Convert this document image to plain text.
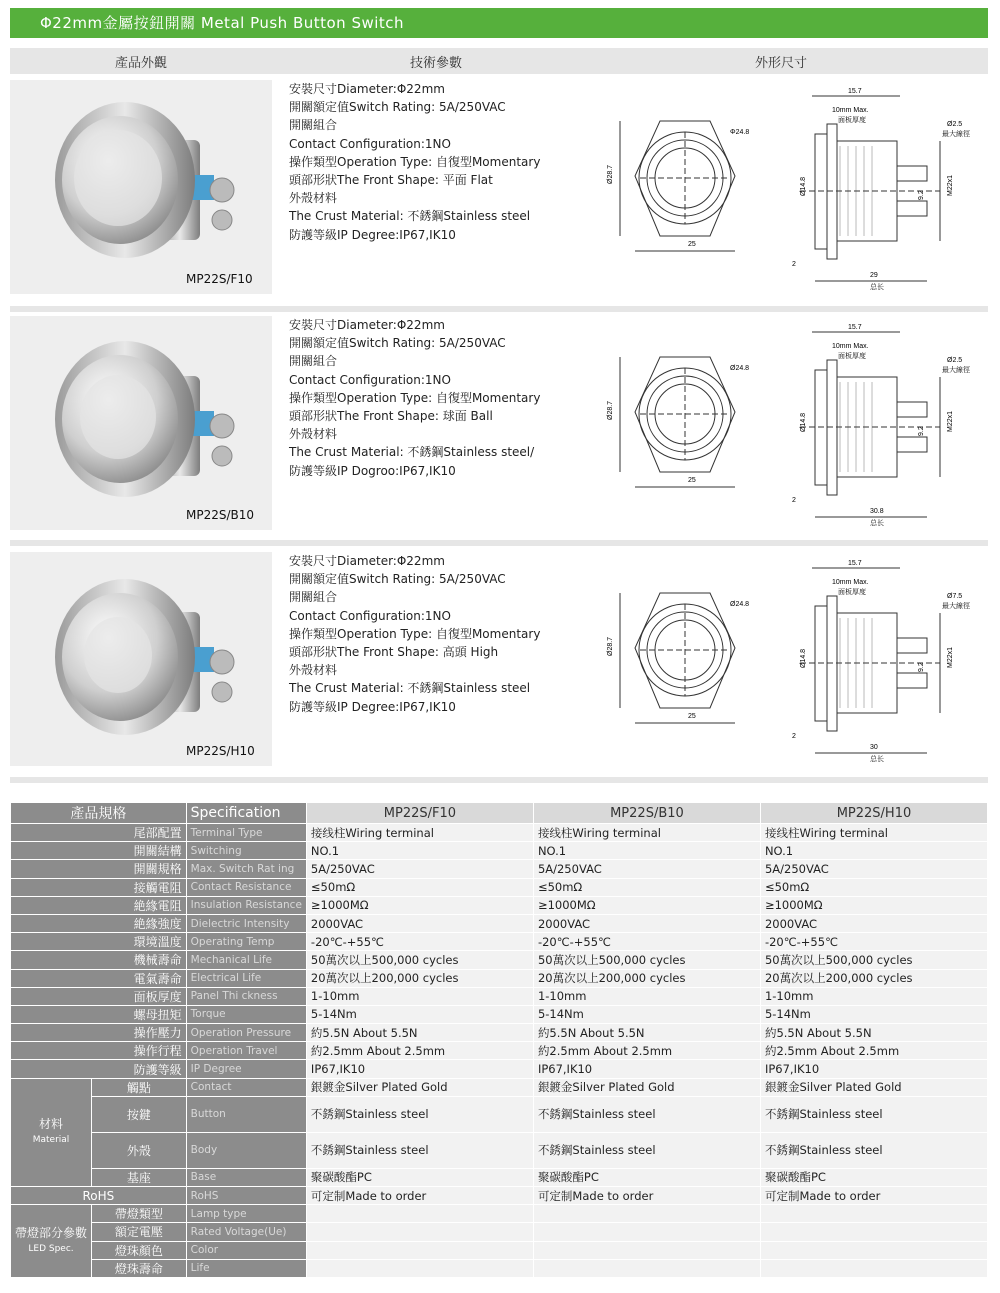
Φ22mm金屬按鈕開關 Metal Push Button Switch
產品外觀	技術參數	外形尺寸
MP22S/F10
安裝尺寸Diameter:Φ22mm
開關額定值Switch Rating: 5A/250VAC
開關組合
Contact Configuration:1NO
操作類型Operation Type: 自復型Momentary
頭部形狀The Front Shape: 平面 Flat
外殼材料
The Crust Material: 不銹鋼Stainless steel
防護等級IP Degree:IP67,IK10
25
Ø28.7
Φ24.8
15.7
10mm Max.
面板厚度
M22x1
9.2
Ø14.8
Ø2.5
最大線徑
29
总长
2
MP22S/B10
安裝尺寸Diameter:Φ22mm
開關額定值Switch Rating: 5A/250VAC
開關組合
Contact Configuration:1NO
操作類型Operation Type: 自復型Momentary
頭部形狀The Front Shape: 球面 Ball
外殼材料
The Crust Material: 不銹鋼Stainless steel/
防護等級IP Dogroo:IP67,IK10
25
Ø28.7
Ø24.8
15.7
10mm Max.
面板厚度
M22x1
9.2
Ø14.8
Ø2.5
最大線徑
30.8
总长
2
MP22S/H10
安裝尺寸Diameter:Φ22mm
開關額定值Switch Rating: 5A/250VAC
開關組合
Contact Configuration:1NO
操作類型Operation Type: 自復型Momentary
頭部形狀The Front Shape: 高頭 High
外殼材料
The Crust Material: 不銹鋼Stainless steel
防護等級IP Degree:IP67,IK10
25
Ø28.7
Ø24.8
15.7
10mm Max.
面板厚度
M22x1
9.2
Ø14.8
Ø7.5
最大線徑
30
总长
2
產品規格		Specification	MP22S/F10	MP22S/B10	MP22S/H10
尾部配置		Terminal Type	接线柱Wiring terminal	接线柱Wiring terminal	接线柱Wiring terminal
開關結構		Switching	NO.1	NO.1	NO.1
開關規格		Max. Switch Rat ing	5A/250VAC	5A/250VAC	5A/250VAC
接觸電阻		Contact Resistance	≤50mΩ	≤50mΩ	≤50mΩ
絶緣電阻		Insulation Resistance	≥1000MΩ	≥1000MΩ	≥1000MΩ
絶緣強度		Dielectric Intensity	2000VAC	2000VAC	2000VAC
環境溫度		Operating Temp	-20℃-+55℃	-20℃-+55℃	-20℃-+55℃
機械壽命		Mechanical Life	50萬次以上500,000 cycles	50萬次以上500,000 cycles	50萬次以上500,000 cycles
電氣壽命		Electrical Life	20萬次以上200,000 cycles	20萬次以上200,000 cycles	20萬次以上200,000 cycles
面板厚度		Panel Thi ckness	1-10mm	1-10mm	1-10mm
螺母扭矩		Torque	5-14Nm	5-14Nm	5-14Nm
操作壓力		Operation Pressure	約5.5N About 5.5N	約5.5N About 5.5N	約5.5N About 5.5N
操作行程		Operation Travel	約2.5mm About 2.5mm	約2.5mm About 2.5mm	約2.5mm About 2.5mm
防護等級		IP Degree	IP67,IK10	IP67,IK10	IP67,IK10
材料
Material	觸點	Contact	銀鍍金Silver Plated Gold	銀鍍金Silver Plated Gold	銀鍍金Silver Plated Gold
	按鍵	Button	不銹鋼Stainless steel	不銹鋼Stainless steel	不銹鋼Stainless steel
	外殼	Body	不銹鋼Stainless steel	不銹鋼Stainless steel	不銹鋼Stainless steel
	基座	Base	聚碳酸酯PC	聚碳酸酯PC	聚碳酸酯PC
RoHS		RoHS	可定制Made to order	可定制Made to order	可定制Made to order
帶燈部分參數
LED Spec.	帶燈類型	Lamp type			
	額定電壓	Rated Voltage(Ue)			
	燈珠顏色	Color			
	燈珠壽命	Life			
